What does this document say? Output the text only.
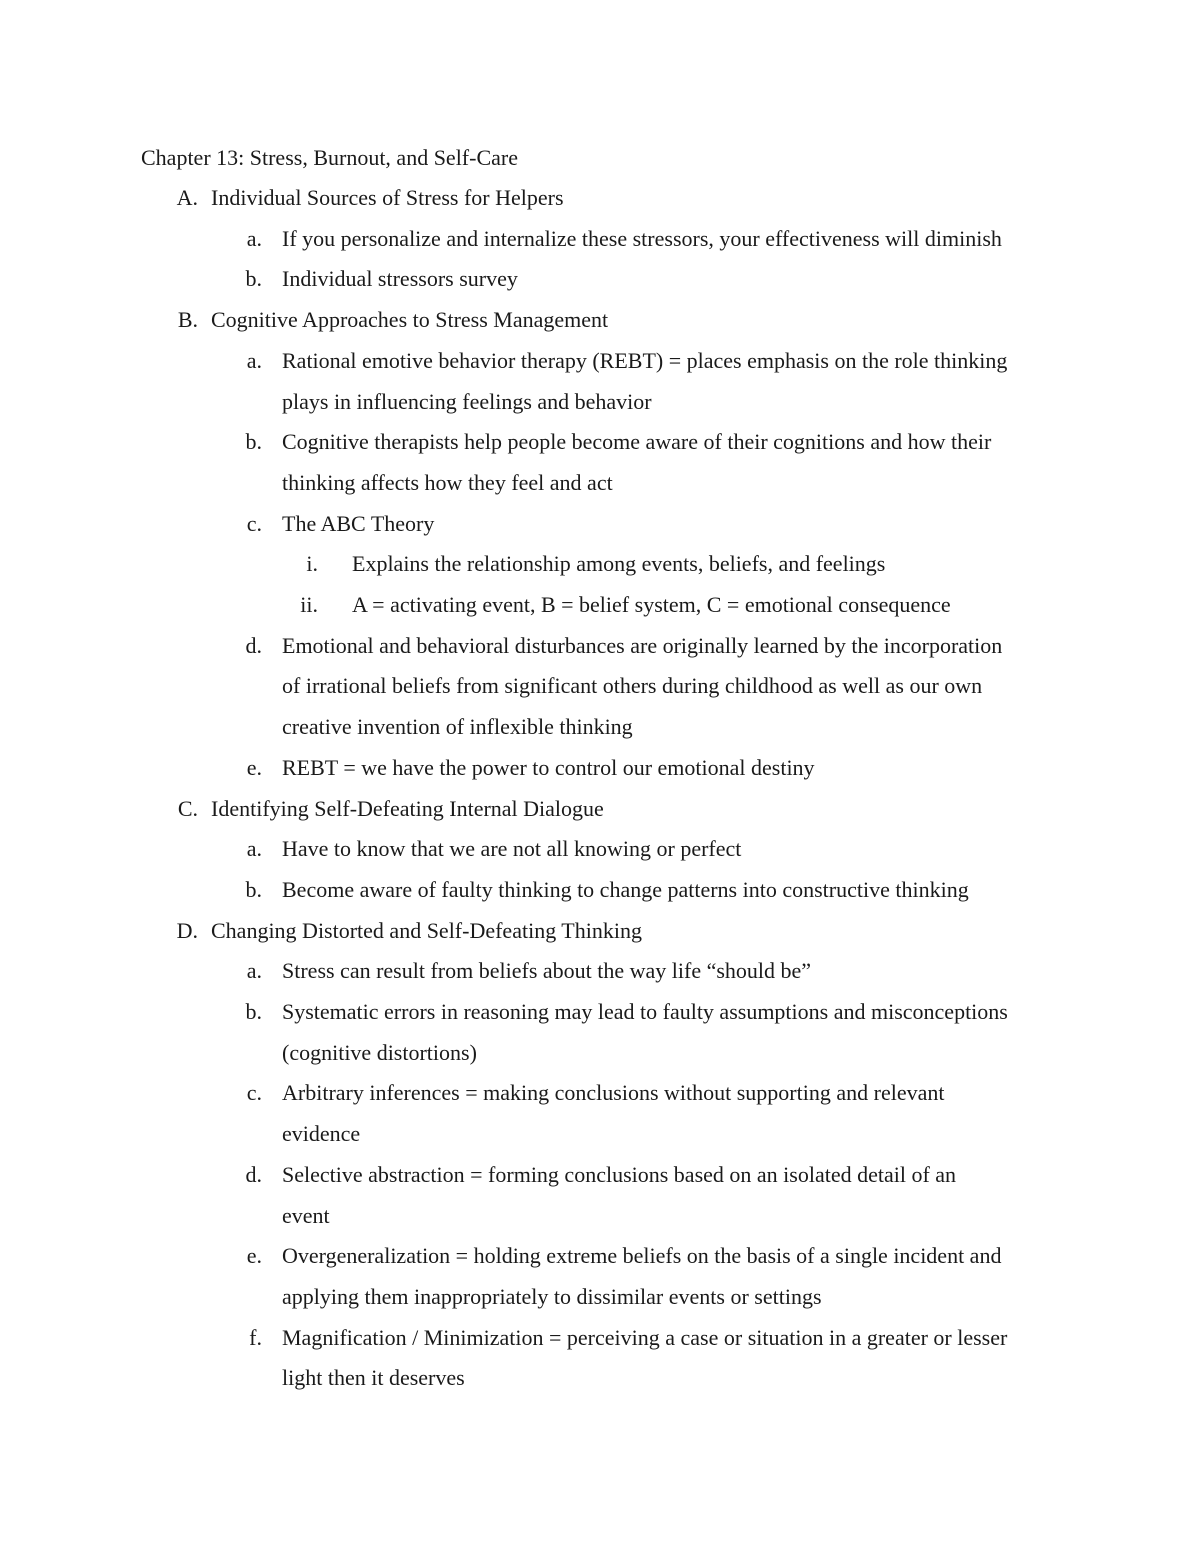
Chapter 13: Stress, Burnout, and Self-Care
A. Individual Sources of Stress for Helpers
a. If you personalize and internalize these stressors, your effectiveness will diminish
b. Individual stressors survey
B. Cognitive Approaches to Stress Management
a. Rational emotive behavior therapy (REBT) = places emphasis on the role thinking
plays in influencing feelings and behavior
b. Cognitive therapists help people become aware of their cognitions and how their
thinking affects how they feel and act
c. The ABC Theory
i. Explains the relationship among events, beliefs, and feelings
ii. A = activating event, B = belief system, C = emotional consequence
d. Emotional and behavioral disturbances are originally learned by the incorporation
of irrational beliefs from significant others during childhood as well as our own
creative invention of inflexible thinking
e. REBT = we have the power to control our emotional destiny
C. Identifying Self-Defeating Internal Dialogue
a. Have to know that we are not all knowing or perfect
b. Become aware of faulty thinking to change patterns into constructive thinking
D. Changing Distorted and Self-Defeating Thinking
a. Stress can result from beliefs about the way life “should be”
b. Systematic errors in reasoning may lead to faulty assumptions and misconceptions
(cognitive distortions)
c. Arbitrary inferences = making conclusions without supporting and relevant
evidence
d. Selective abstraction = forming conclusions based on an isolated detail of an
event
e. Overgeneralization = holding extreme beliefs on the basis of a single incident and
applying them inappropriately to dissimilar events or settings
f. Magnification / Minimization = perceiving a case or situation in a greater or lesser
light then it deserves
